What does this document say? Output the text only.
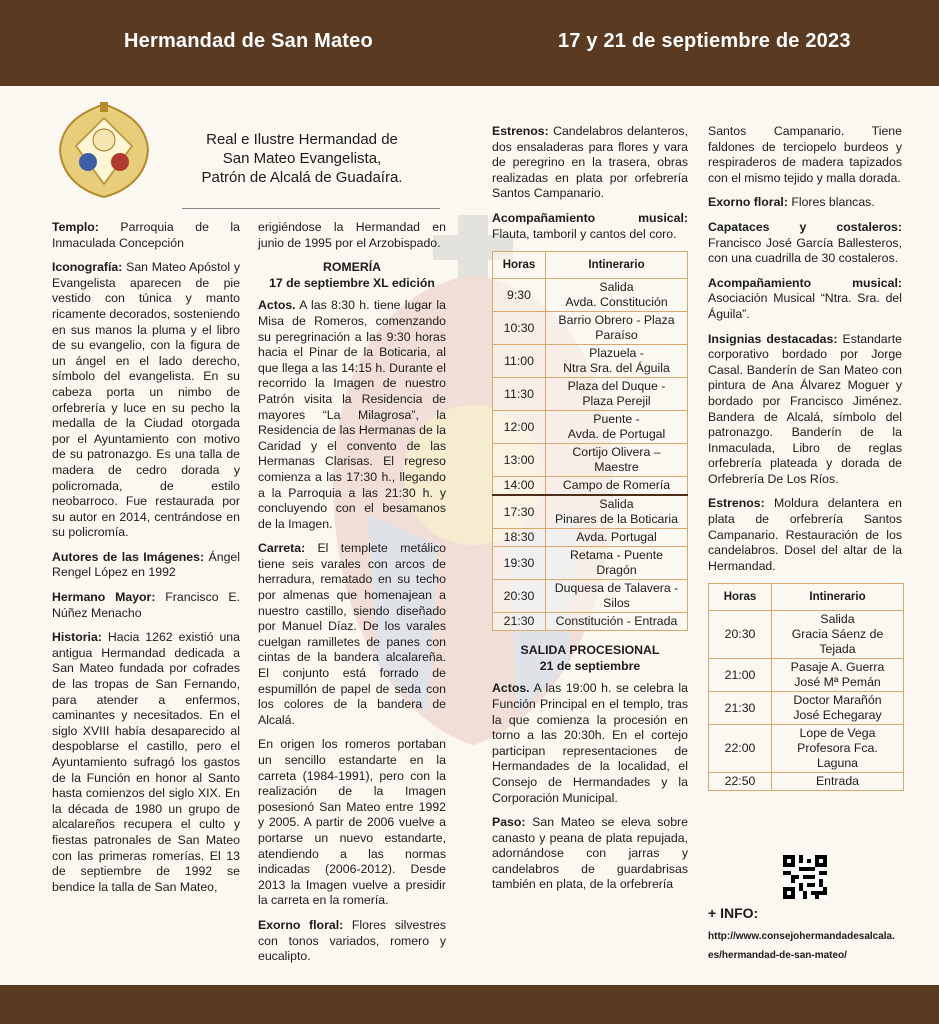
Hermandad de San Mateo	17 y 21 de septiembre de 2023
Real e Ilustre Hermandad de
San Mateo Evangelista,
Patrón de Alcalá de Guadaíra.

Templo: Parroquia de la Inmaculada Concepción

Iconografía: San Mateo Apóstol y Evangelista aparecen de pie vestido con túnica y manto ricamente decorados, sosteniendo en sus manos la pluma y el libro de su evangelio, con la figura de un ángel en el lado derecho, símbolo del evangelista. En su cabeza porta un nimbo de orfebrería y luce en su pecho la medalla de la Ciudad otorgada por el Ayuntamiento con motivo de su patronazgo. Es una talla de madera de cedro dorada y policromada, de estilo neobarroco. Fue restaurada por su autor en 2014, centrándose en su policromía.

Autores de las Imágenes: Ángel Rengel López en 1992

Hermano Mayor: Francisco E. Núñez Menacho

Historia: Hacia 1262 existió una antigua Hermandad dedicada a San Mateo fundada por cofrades de las tropas de San Fernando, para atender a enfermos, caminantes y necesitados. En el siglo XVIII había desaparecido al despoblarse el castillo, pero el Ayuntamiento sufragó los gastos de la Función en honor al Santo hasta comienzos del siglo XIX. En la década de 1980 un grupo de alcalareños recupera el culto y fiestas patronales de San Mateo con las primeras romerías. El 13 de septiembre de 1992 se bendice la talla de San Mateo,

erigiéndose la Hermandad en junio de 1995 por el Arzobispado.

ROMERÍA
17 de septiembre XL edición

Actos. A las 8:30 h. tiene lugar la Misa de Romeros, comenzando su peregrinación a las 9:30 horas hacia el Pinar de la Boticaria, al que llega a las 14:15 h. Durante el recorrido la Imagen de nuestro Patrón visita la Residencia de mayores “La Milagrosa”, la Residencia de las Hermanas de la Caridad y el convento de las Hermanas Clarisas. El regreso comienza a las 17:30 h., llegando a la Parroquia a las 21:30 h. y concluyendo con el besamanos de la Imagen.

Carreta: El templete metálico tiene seis varales con arcos de herradura, rematado en su techo por almenas que homenajean a nuestro castillo, siendo diseñado por Manuel Díaz. De los varales cuelgan ramilletes de panes con cintas de la bandera alcalareña. El conjunto está forrado de espumillón de papel de seda con los colores de la bandera de Alcalá.

En origen los romeros portaban un sencillo estandarte en la carreta (1984-1991), pero con la realización de la Imagen posesionó San Mateo entre 1992 y 2005. A partir de 2006 vuelve a portarse un nuevo estandarte, atendiendo a las normas indicadas (2006-2012). Desde 2013 la Imagen vuelve a presidir la carreta en la romería.

Exorno floral: Flores silvestres con tonos variados, romero y eucalipto.

Estrenos: Candelabros delanteros, dos ensaladeras para flores y vara de peregrino en la trasera, obras realizadas en plata por orfebrería Santos Campanario.

Acompañamiento musical: Flauta, tamboril y cantos del coro.

Horas	Intinerario
9:30	Salida
Avda. Constitución

10:30	Barrio Obrero - Plaza
Paraíso

11:00	Plazuela -
Ntra Sra. del Águila

11:30	Plaza del Duque -
Plaza Perejil

12:00	Puente -
Avda. de Portugal

13:00	Cortijo Olivera – Maestre

14:00	Campo de Romería

17:30	Salida
Pinares de la Boticaria

18:30	Avda. Portugal

19:30	Retama - Puente Dragón

20:30	Duquesa de Talavera -
Silos

21:30	Constitución - Entrada
SALIDA PROCESIONAL
21 de septiembre

Actos. A las 19:00 h. se celebra la Función Principal en el templo, tras la que comienza la procesión en torno a las 20:30h. En el cortejo participan representaciones de Hermandades de la localidad, el Consejo de Hermandades y la Corporación Municipal.

Paso: San Mateo se eleva sobre canasto y peana de plata repujada, adornándose con jarras y candelabros de guardabrisas también en plata, de la orfebrería

Santos Campanario. Tiene faldones de terciopelo burdeos y respiraderos de madera tapizados con el mismo tejido y malla dorada.

Exorno floral: Flores blancas.

Capataces y costaleros: Francisco José García Ballesteros, con una cuadrilla de 30 costaleros.

Acompañamiento musical: Asociación Musical “Ntra. Sra. del Águila”.

Insignias destacadas: Estandarte corporativo bordado por Jorge Casal. Banderín de San Mateo con pintura de Ana Álvarez Moguer y bordado por Francisco Jiménez. Bandera de Alcalá, símbolo del patronazgo. Banderín de la Inmaculada, Libro de reglas orfebrería plateada y dorada de Orfebrería De Los Ríos.

Estrenos: Moldura delantera en plata de orfebrería Santos Campanario. Restauración de los candelabros. Dosel del altar de la Hermandad.

Horas	Intinerario
20:30	Salida
Gracia Sáenz de Tejada

21:00	Pasaje A. Guerra
José Mª Pemán

21:30	Doctor Marañón
José Echegaray

22:00	Lope de Vega
Profesora Fca. Laguna

22:50	Entrada
+ INFO:
http://www.consejohermandadesalcala.
es/hermandad-de-san-mateo/
